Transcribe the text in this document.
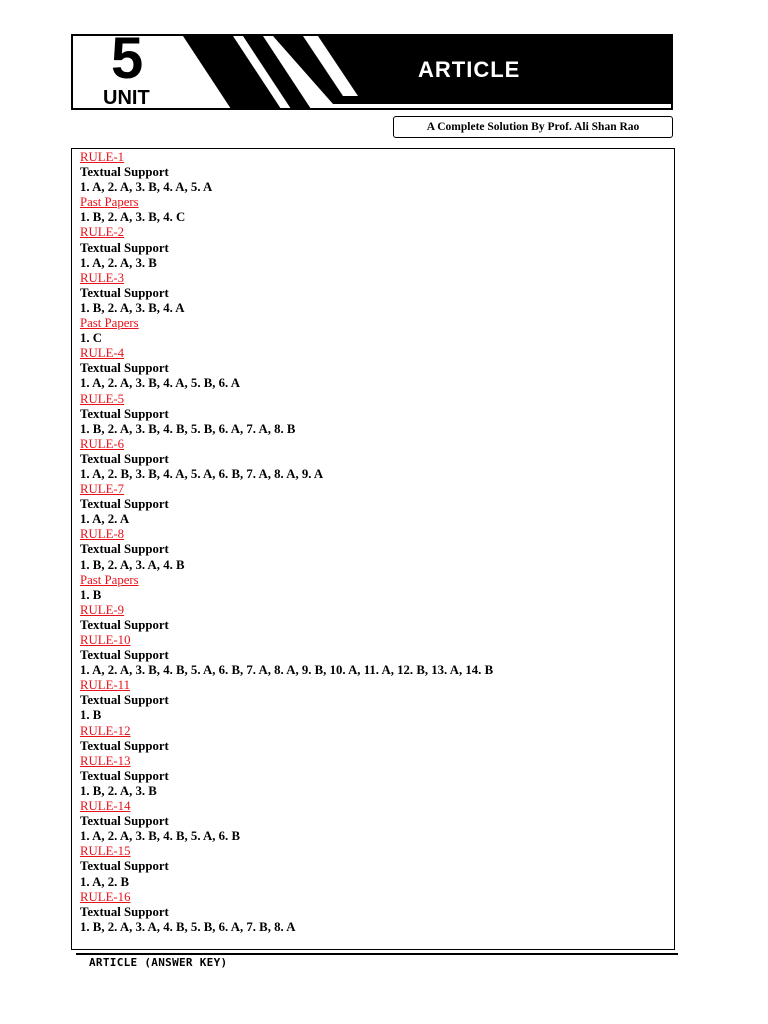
5
UNIT
ARTICLE
A Complete Solution By Prof. Ali Shan Rao
RULE-1
Textual Support
1. A, 2. A, 3. B, 4. A, 5. A
Past Papers
1. B, 2. A, 3. B, 4. C
RULE-2
Textual Support
1. A, 2. A, 3. B
RULE-3
Textual Support
1. B, 2. A, 3. B, 4. A
Past Papers
1. C
RULE-4
Textual Support
1. A, 2. A, 3. B, 4. A, 5. B, 6. A
RULE-5
Textual Support
1. B, 2. A, 3. B, 4. B, 5. B, 6. A, 7. A, 8. B
RULE-6
Textual Support
1. A, 2. B, 3. B, 4. A, 5. A, 6. B, 7. A, 8. A, 9. A
RULE-7
Textual Support
1. A, 2. A
RULE-8
Textual Support
1. B, 2. A, 3. A, 4. B
Past Papers
1. B
RULE-9
Textual Support
RULE-10
Textual Support
1. A, 2. A, 3. B, 4. B, 5. A, 6. B, 7. A, 8. A, 9. B, 10. A, 11. A, 12. B, 13. A, 14. B
RULE-11
Textual Support
1. B
RULE-12
Textual Support
RULE-13
Textual Support
1. B, 2. A, 3. B
RULE-14
Textual Support
1. A, 2. A, 3. B, 4. B, 5. A, 6. B
RULE-15
Textual Support
1. A, 2. B
RULE-16
Textual Support
1. B, 2. A, 3. A, 4. B, 5. B, 6. A, 7. B, 8. A
ARTICLE (ANSWER KEY)
